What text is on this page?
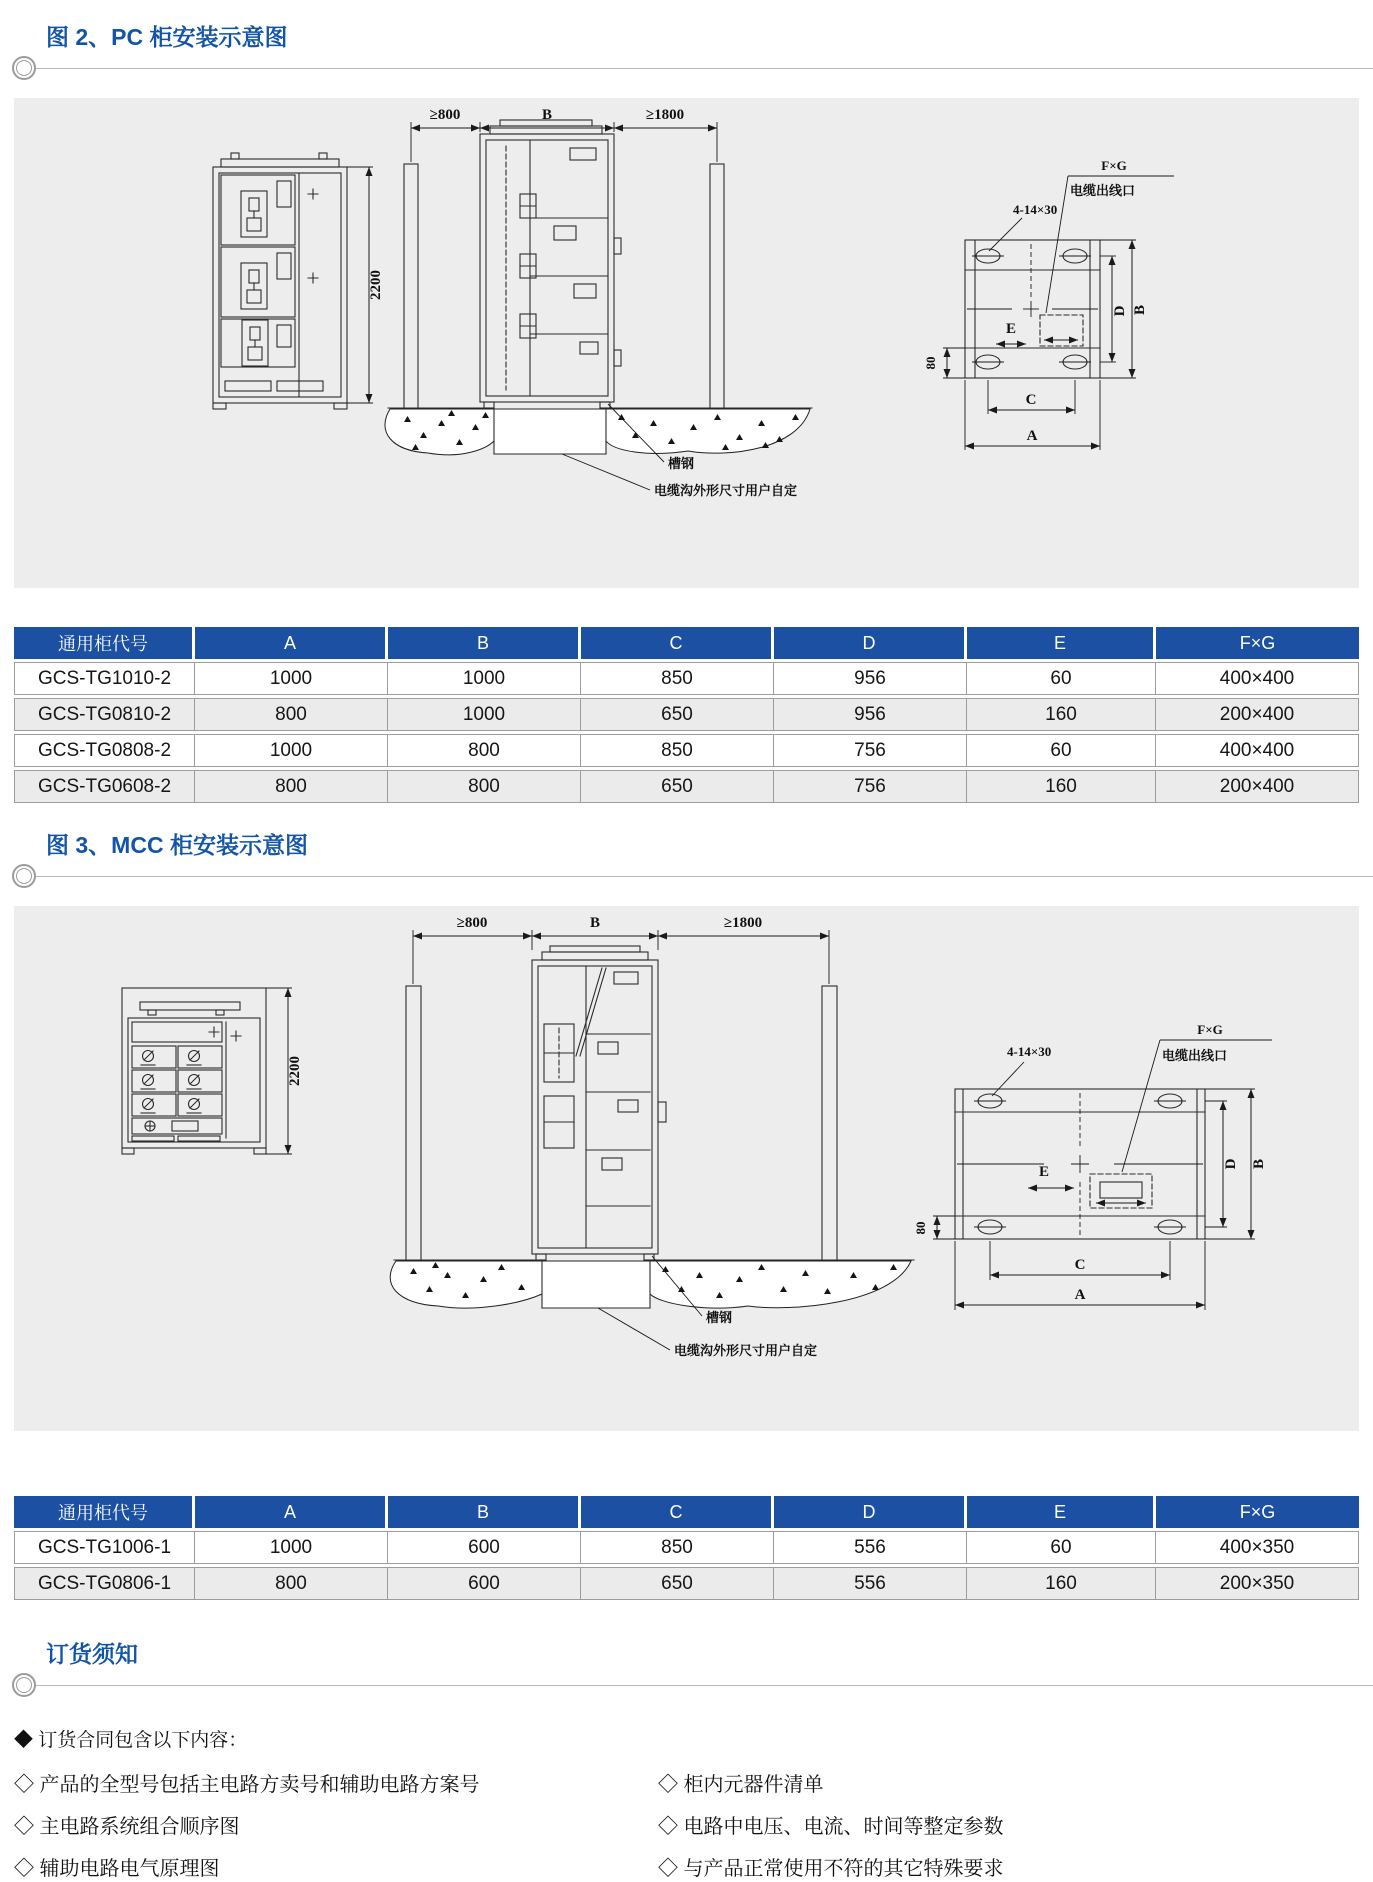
图 2、PC 柜安装示意图
2200
≥800	B	≥1800
槽钢
电缆沟外形尺寸用户自定
E
80
D B
C
A
4-14×30
F×G
电缆出线口
通用柜代号	A	B	C	D	E	F×G
GCS-TG1010-2	1000	1000	850	956	60	400×400
GCS-TG0810-2	800	1000	650	956	160	200×400
GCS-TG0808-2	1000	800	850	756	60	400×400
GCS-TG0608-2	800	800	650	756	160	200×400
图 3、MCC 柜安装示意图
2200
≥800	B	≥1800
槽钢
电缆沟外形尺寸用户自定
E
80
D B
C
A
4-14×30
F×G
电缆出线口
通用柜代号	A	B	C	D	E	F×G
GCS-TG1006-1	1000	600	850	556	60	400×350
GCS-TG0806-1	800	600	650	556	160	200×350
订货须知
◆ 订货合同包含以下内容：
◇ 产品的全型号包括主电路方卖号和辅助电路方案号	◇ 柜内元器件清单
◇ 主电路系统组合顺序图	◇ 电路中电压、电流、时间等整定参数
◇ 辅助电路电气原理图	◇ 与产品正常使用不符的其它特殊要求
